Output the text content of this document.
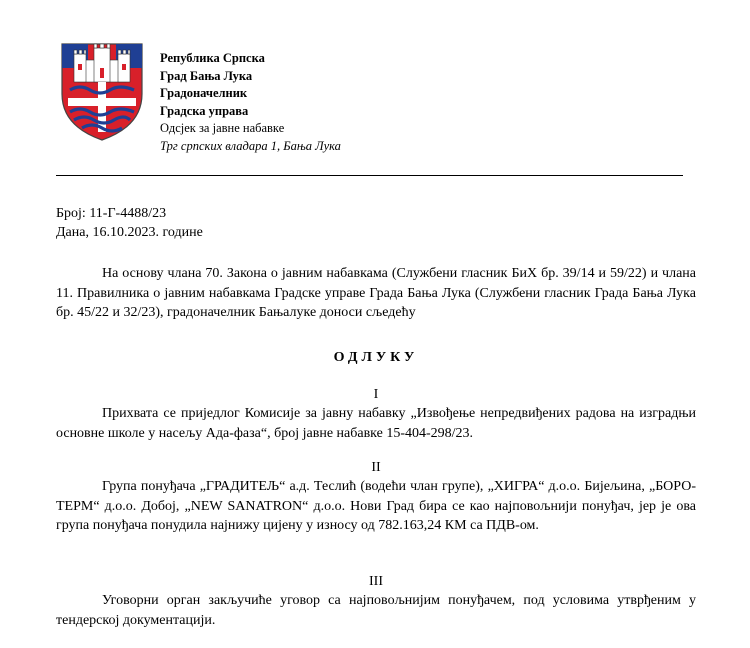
Република Српска
Град Бања Лука
Градоначелник
Градска управа
Одсјек за јавне набавке
Трг српских владара 1, Бања Лука
Број: 11-Г-4488/23
Дана, 16.10.2023. године
На основу члана 70. Закона о јавним набавкама (Службени гласник БиХ бр. 39/14 и 59/22) и члана 11. Правилника о јавним набавкама Градске управе Града Бања Лука (Службени гласник Града Бања Лука бр. 45/22 и 32/23), градоначелник Бањалуке доноси сљедећу
ОДЛУКУ
I
Прихвата се приједлог Комисије за јавну набавку „Извођење непредвиђених радова на изградњи основне школе у насељу Ада-фаза“, број јавне набавке 15-404-298/23.
II
Група понуђача „ГРАДИТЕЉ“ а.д. Теслић (водећи члан групе), „ХИГРА“ д.о.о. Бијељина, „БОРО-ТЕРМ“ д.о.о. Добој, „NEW SANATRON“ д.о.о. Нови Град бира се као најповољнији понуђач, јер је ова група понуђача понудила најнижу цијену у износу од 782.163,24 КМ са ПДВ-ом.
III
Уговорни орган закључиће уговор са најповољнијим понуђачем, под условима утврђеним у тендерској документацији.
